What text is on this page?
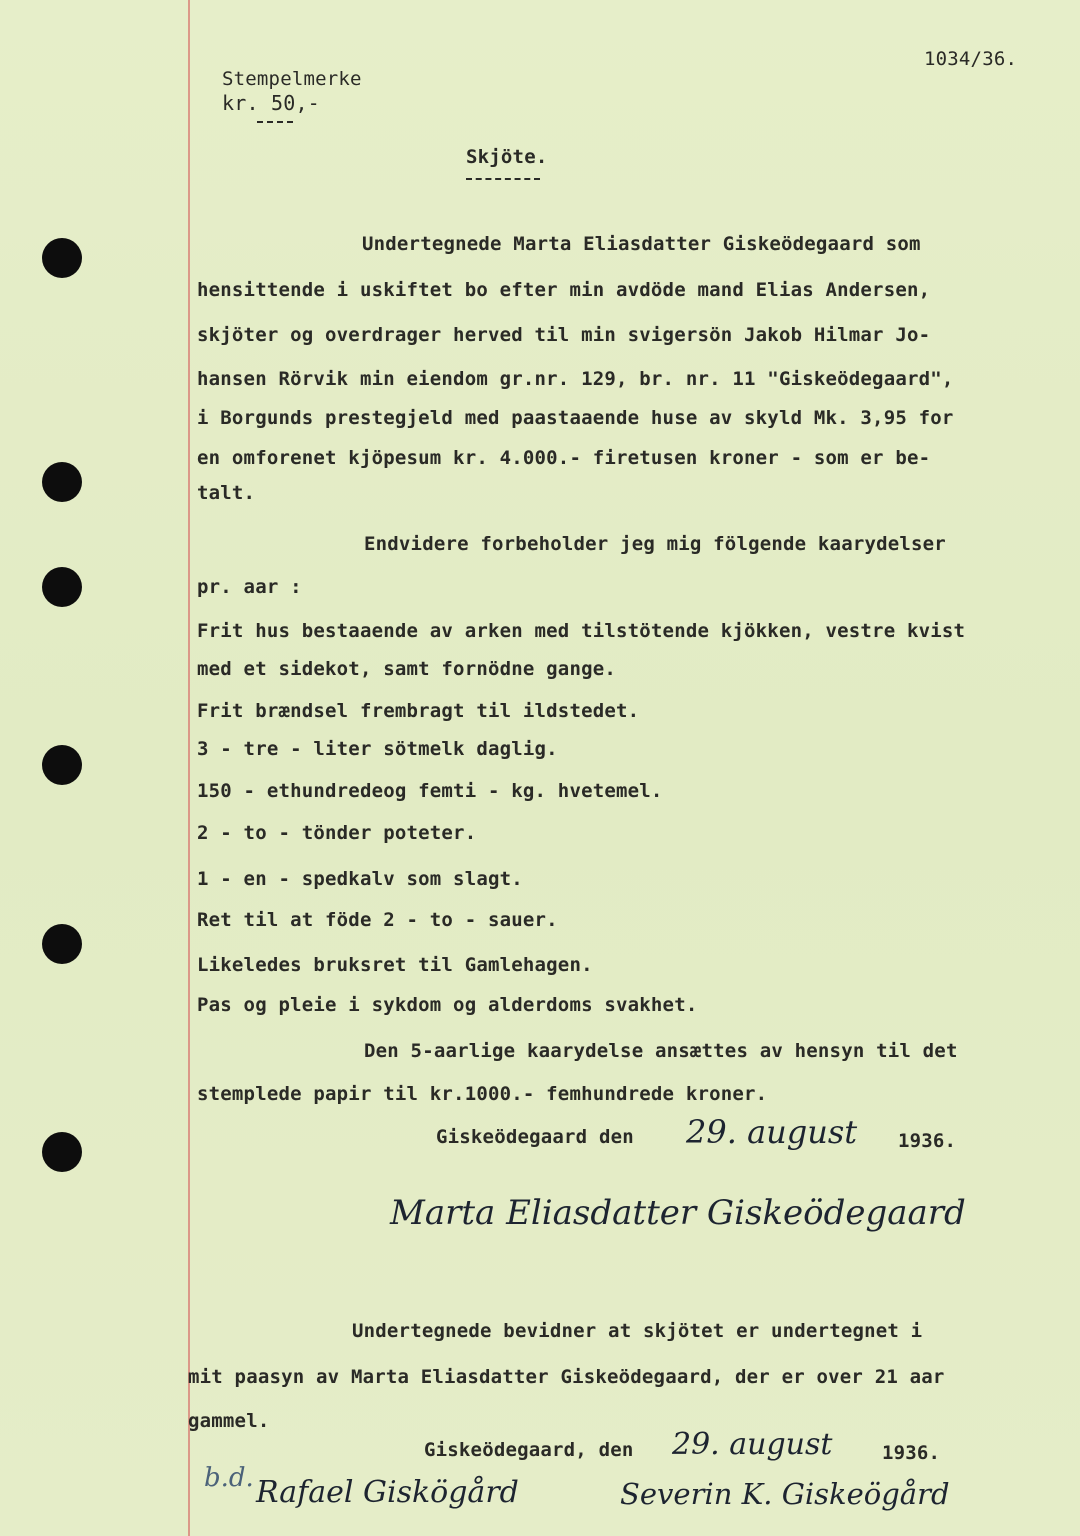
Stempelmerke
kr. 50,-
1034/36.
Skjöte.
Undertegnede Marta Eliasdatter Giskeödegaard som
hensittende i uskiftet bo efter min avdöde mand Elias Andersen,
skjöter og overdrager herved til min svigersön Jakob Hilmar Jo-
hansen Rörvik min eiendom gr.nr. 129, br. nr. 11 "Giskeödegaard",
i Borgunds prestegjeld med paastaaende huse av skyld Mk. 3,95 for
en omforenet kjöpesum kr. 4.000.- firetusen kroner - som er be-
talt.
Endvidere forbeholder jeg mig fölgende kaarydelser
pr. aar :
Frit hus bestaaende av arken med tilstötende kjökken, vestre kvist
med et sidekot, samt fornödne gange.
Frit brændsel frembragt til ildstedet.
3 - tre - liter sötmelk daglig.
150 - ethundredeog femti - kg. hvetemel.
2 - to - tönder poteter.
1 - en - spedkalv som slagt.
Ret til at föde 2 - to - sauer.
Likeledes bruksret til Gamlehagen.
Pas og pleie i sykdom og alderdoms svakhet.
Den 5-aarlige kaarydelse ansættes av hensyn til det
stemplede papir til kr.1000.- femhundrede kroner.
Giskeödegaard den 29. august 1936.
Marta Eliasdatter Giskeödegaard
Undertegnede bevidner at skjötet er undertegnet i
mit paasyn av Marta Eliasdatter Giskeödegaard, der er over 21 aar
gammel.
Giskeödegaard, den 29. august	1936.
b.d. Rafael Giskögård	Severin K. Giskeögård
